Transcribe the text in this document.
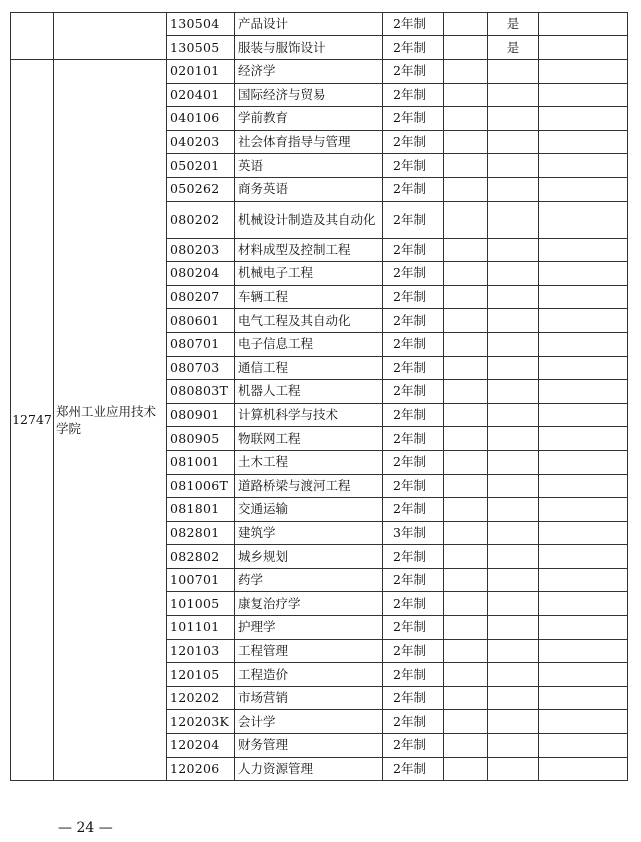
		130504	产品设计	2年制		是	
		130505	服装与服饰设计	2年制		是	
12747	郑州工业应用技术学院	020101	经济学	2年制			
		020401	国际经济与贸易	2年制			
		040106	学前教育	2年制			
		040203	社会体育指导与管理	2年制			
		050201	英语	2年制			
		050262	商务英语	2年制			
		080202	机械设计制造及其自动化	2年制			
		080203	材料成型及控制工程	2年制			
		080204	机械电子工程	2年制			
		080207	车辆工程	2年制			
		080601	电气工程及其自动化	2年制			
		080701	电子信息工程	2年制			
		080703	通信工程	2年制			
		080803T	机器人工程	2年制			
		080901	计算机科学与技术	2年制			
		080905	物联网工程	2年制			
		081001	土木工程	2年制			
		081006T	道路桥梁与渡河工程	2年制			
		081801	交通运输	2年制			
		082801	建筑学	3年制			
		082802	城乡规划	2年制			
		100701	药学	2年制			
		101005	康复治疗学	2年制			
		101101	护理学	2年制			
		120103	工程管理	2年制			
		120105	工程造价	2年制			
		120202	市场营销	2年制			
		120203K	会计学	2年制			
		120204	财务管理	2年制			
		120206	人力资源管理	2年制			
— 24 —
